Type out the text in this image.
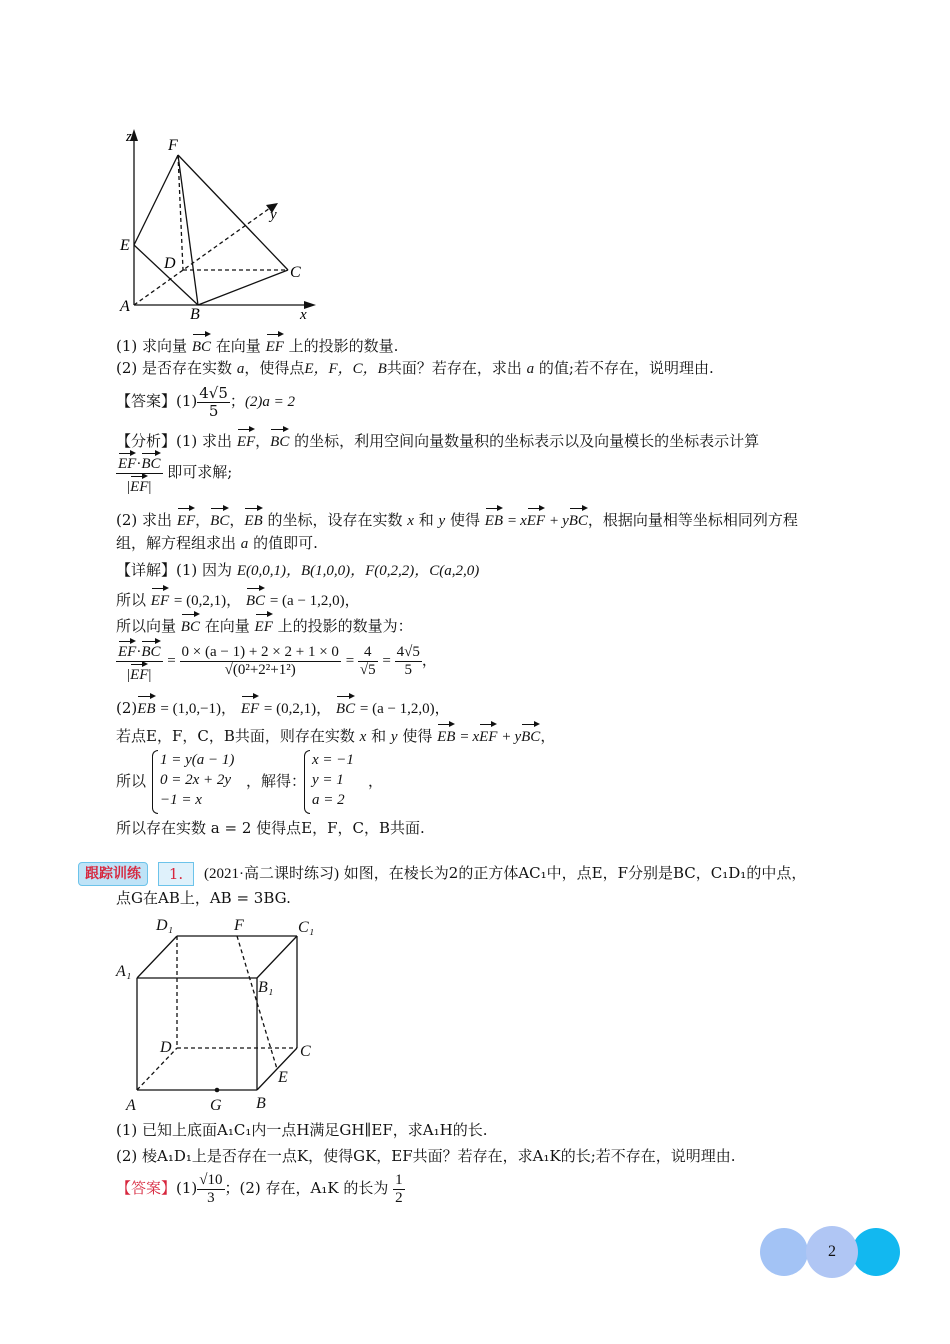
z
y
x
F
E
D
C
A	B
(1) 求向量 BC 在向量 EF 上的投影的数量.
(2) 是否存在实数 a，使得点E，F，C，B共面？若存在，求出 a 的值;若不存在，说明理由.
【答案】$(1) \frac{4√5}{5}$ ；(2)a = 2
【分析】(1) 求出 EF，BC 的坐标，利用空间向量数量积的坐标表示以及向量模长的坐标表示计算
$\frac{EF\cdot BC}{|EF|}$ 即可求解;
(2) 求出 EF，BC，EB 的坐标，设存在实数 x 和 y 使得 EB = xEF + yBC，根据向量相等坐标相同列方程
组，解方程组求出 a 的值即可.
【详解】(1) 因为 E(0,0,1)，B(1,0,0)，F(0,2,2)，C(a,2,0)
所以 EF = (0,2,1)， BC = (a − 1,2,0)，
所以向量 BC 在向量 EF 上的投影的数量为：
$\frac{EF\cdot BC}{|EF|} = \frac{0 \times (a - 1) + 2 \times 2 + 1 \times 0}{\text{√(0²+2²+1²)}} = \frac{4}{√5} = \frac{4√5}{5}$ ，
(2)EB = (1,0,−1)， EF = (0,2,1)， BC = (a − 1,2,0)，
若点E，F，C，B共面，则存在实数 x 和 y 使得 EB = xEF + yBC，
所以
1 = y(a − 1)
0 = 2x + 2y
−1 = x
，解得：
x = −1
y = 1
a = 2
，
所以存在实数 a = 2 使得点E，F，C，B共面.
跟踪训练	1.	(2021·高二课时练习) 如图，在棱长为2的正方体AC₁中，点E，F分别是BC，C₁D₁的中点，
点G在AB上，AB = 3BG.
D₁	F	C₁
A₁
B₁
D	C
E
A	G B
(1) 已知上底面A₁C₁内一点H满足GH∥EF，求A₁H的长.
(2) 棱A₁D₁上是否存在一点K，使得GK，EF共面？若存在，求A₁K的长;若不存在，说明理由.
【答案】$(1) \frac{√10}{3}$ ；(2) 存在，A₁K 的长为 $\frac{1}{2}$
2
